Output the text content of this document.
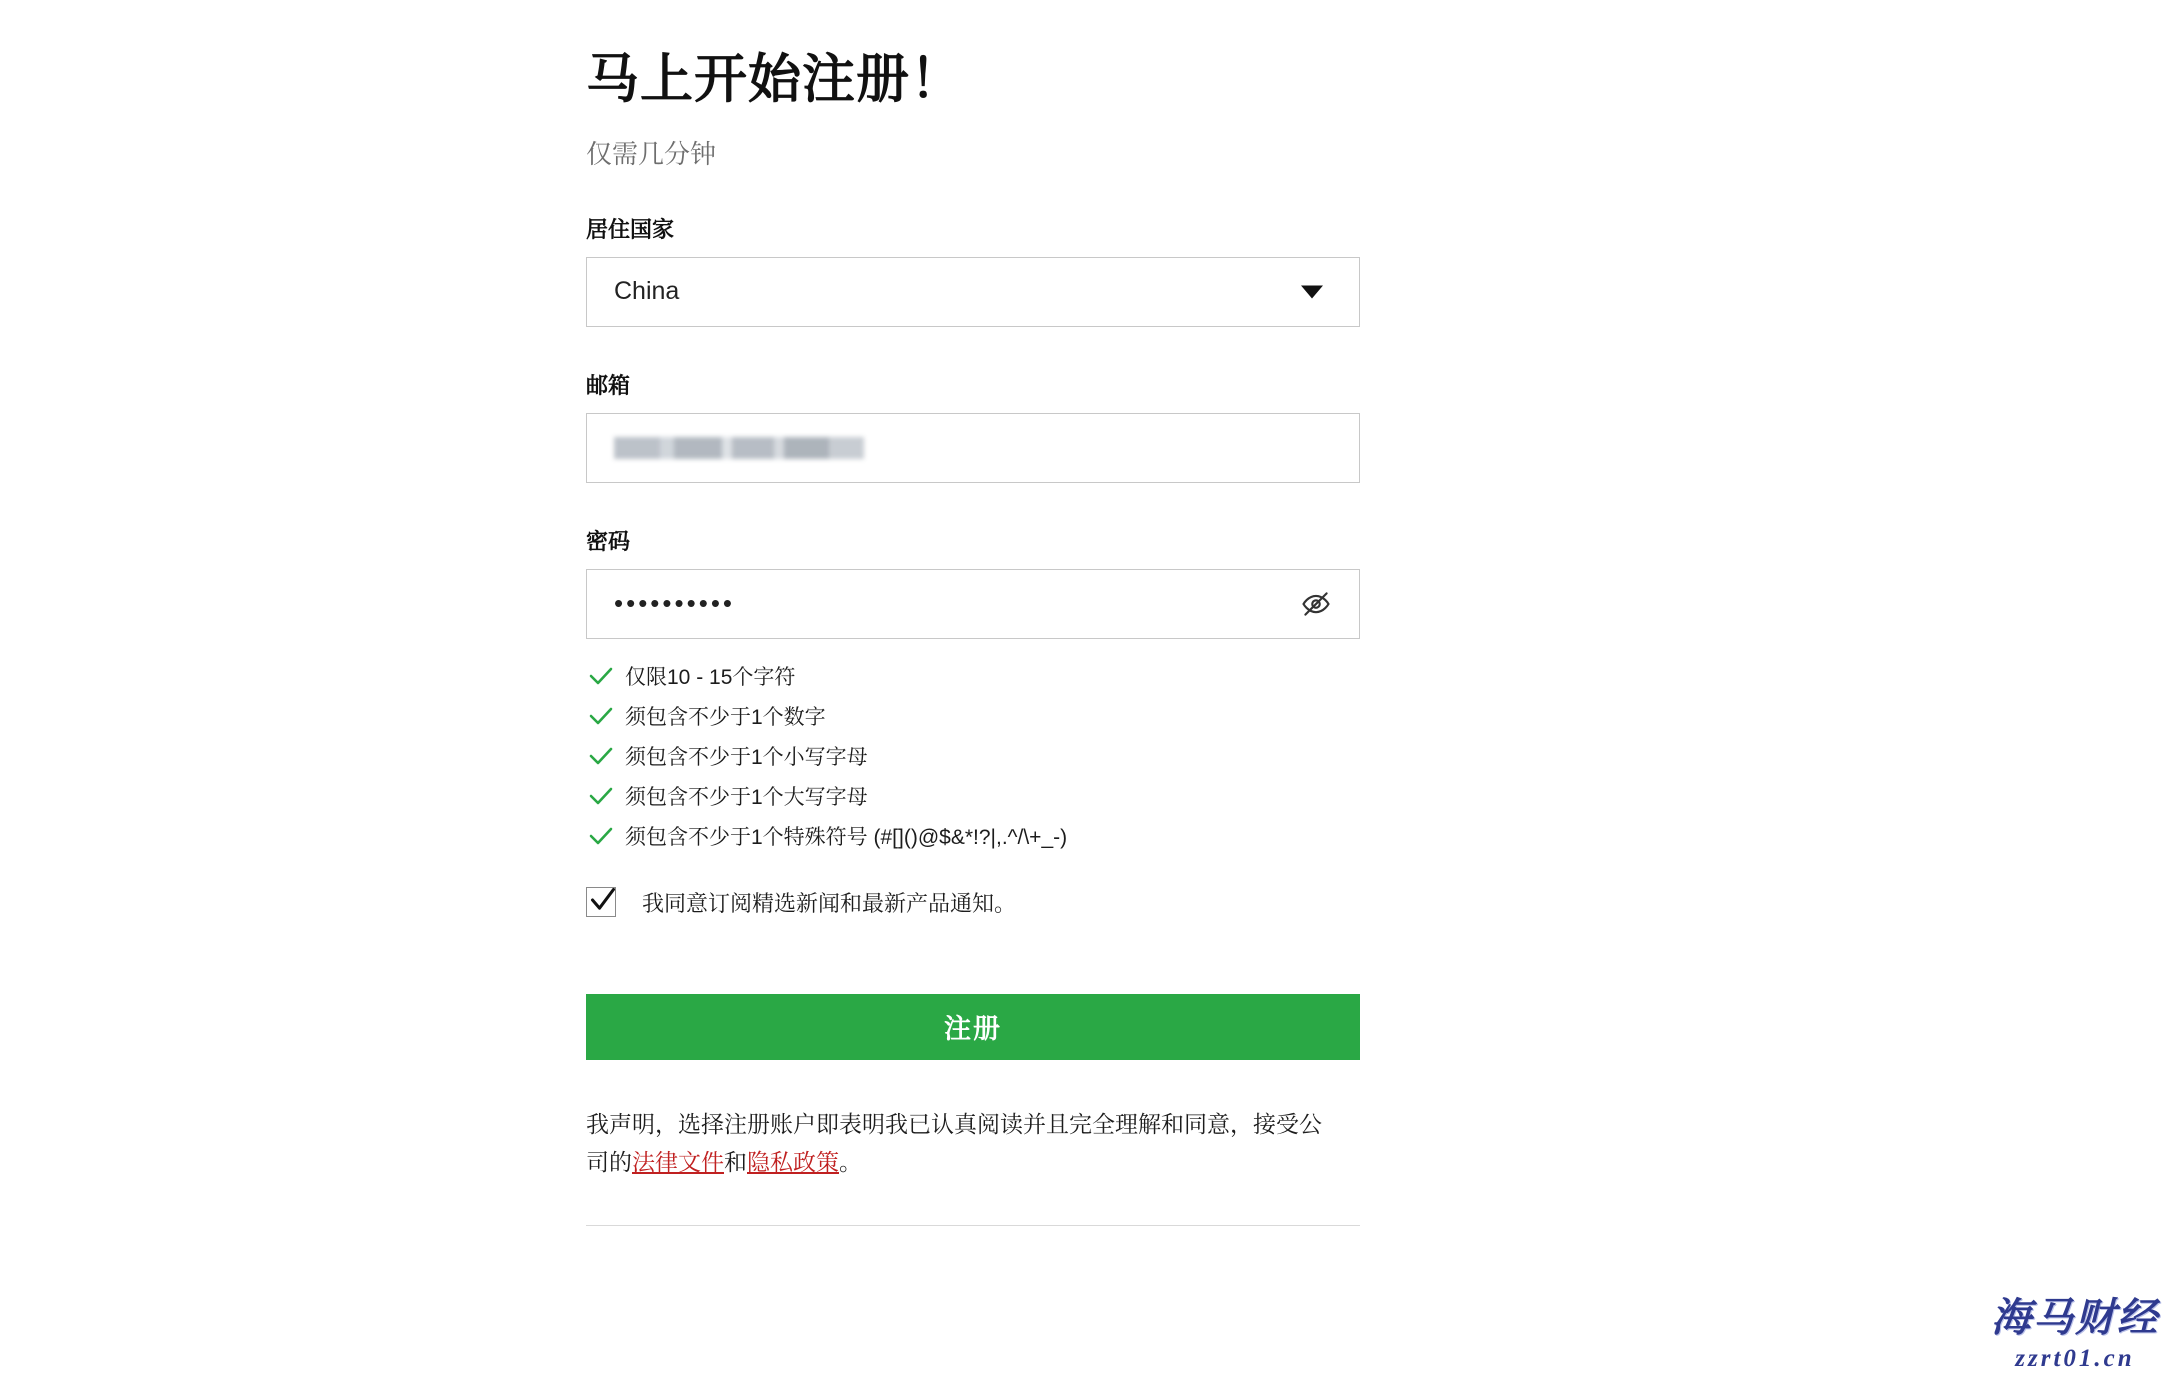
马上开始注册！

仅需几分钟

居住国家
China
邮箱
密码
••••••••••
仅限10 - 15个字符
须包含不少于1个数字
须包含不少于1个小写字母
须包含不少于1个大写字母
须包含不少于1个特殊符号 (#[]()@$&*!?|,.^/\+_-)
我同意订阅精选新闻和最新产品通知。
注册
我声明，选择注册账户即表明我已认真阅读并且完全理解和同意，接受公司的法律文件和隐私政策。
海马财经
zzrt01.cn
